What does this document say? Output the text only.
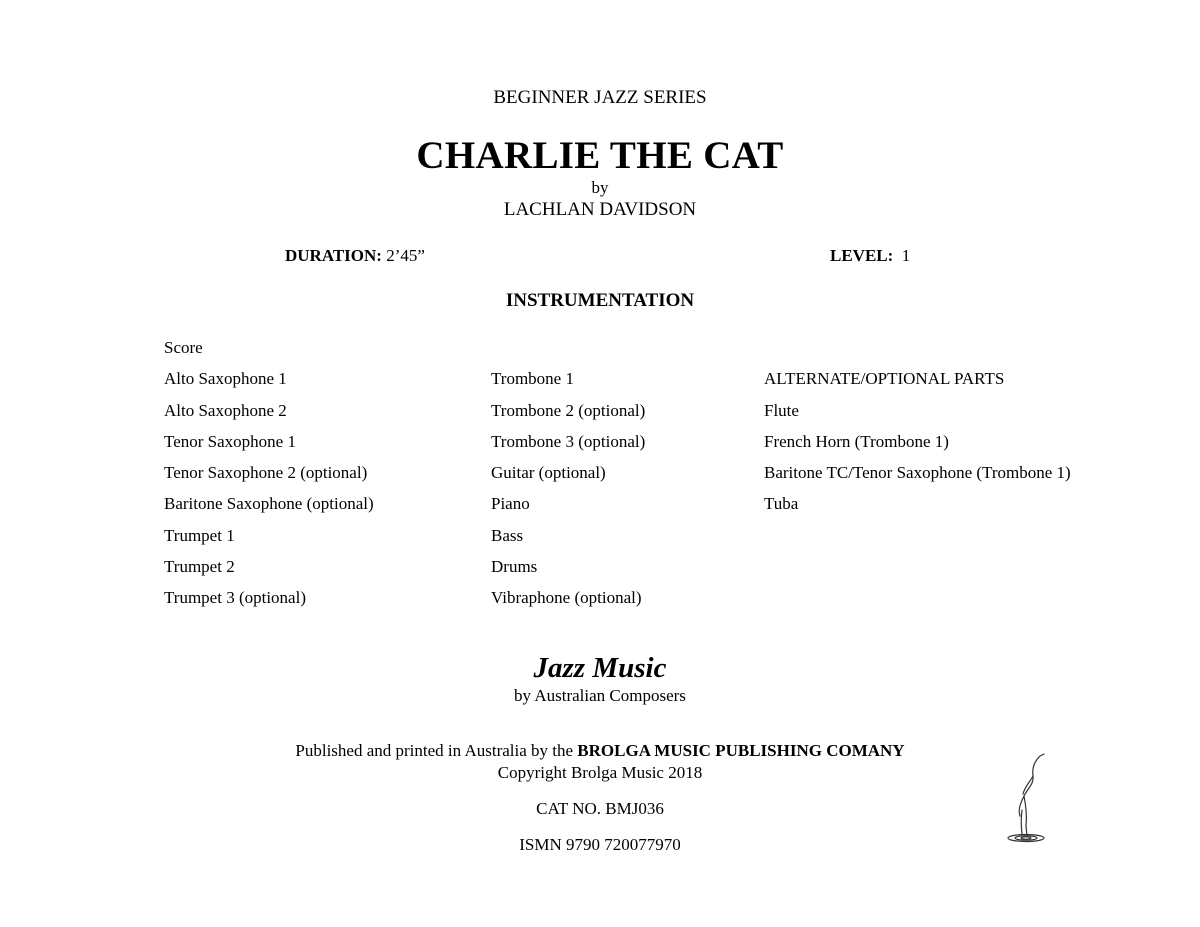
BEGINNER JAZZ SERIES
CHARLIE THE CAT
by
LACHLAN DAVIDSON
DURATION: 2’45”	LEVEL: 1
INSTRUMENTATION
Score
Alto Saxophone 1
Alto Saxophone 2
Tenor Saxophone 1
Tenor Saxophone 2 (optional)
Baritone Saxophone (optional)
Trumpet 1
Trumpet 2
Trumpet 3 (optional)
Trombone 1
Trombone 2 (optional)
Trombone 3 (optional)
Guitar (optional)
Piano
Bass
Drums
Vibraphone (optional)
ALTERNATE/OPTIONAL PARTS
Flute
French Horn (Trombone 1)
Baritone TC/Tenor Saxophone (Trombone 1)
Tuba
Jazz Music
by Australian Composers
Published and printed in Australia by the BROLGA MUSIC PUBLISHING COMANY
Copyright Brolga Music 2018
CAT NO. BMJ036
ISMN 9790 720077970
